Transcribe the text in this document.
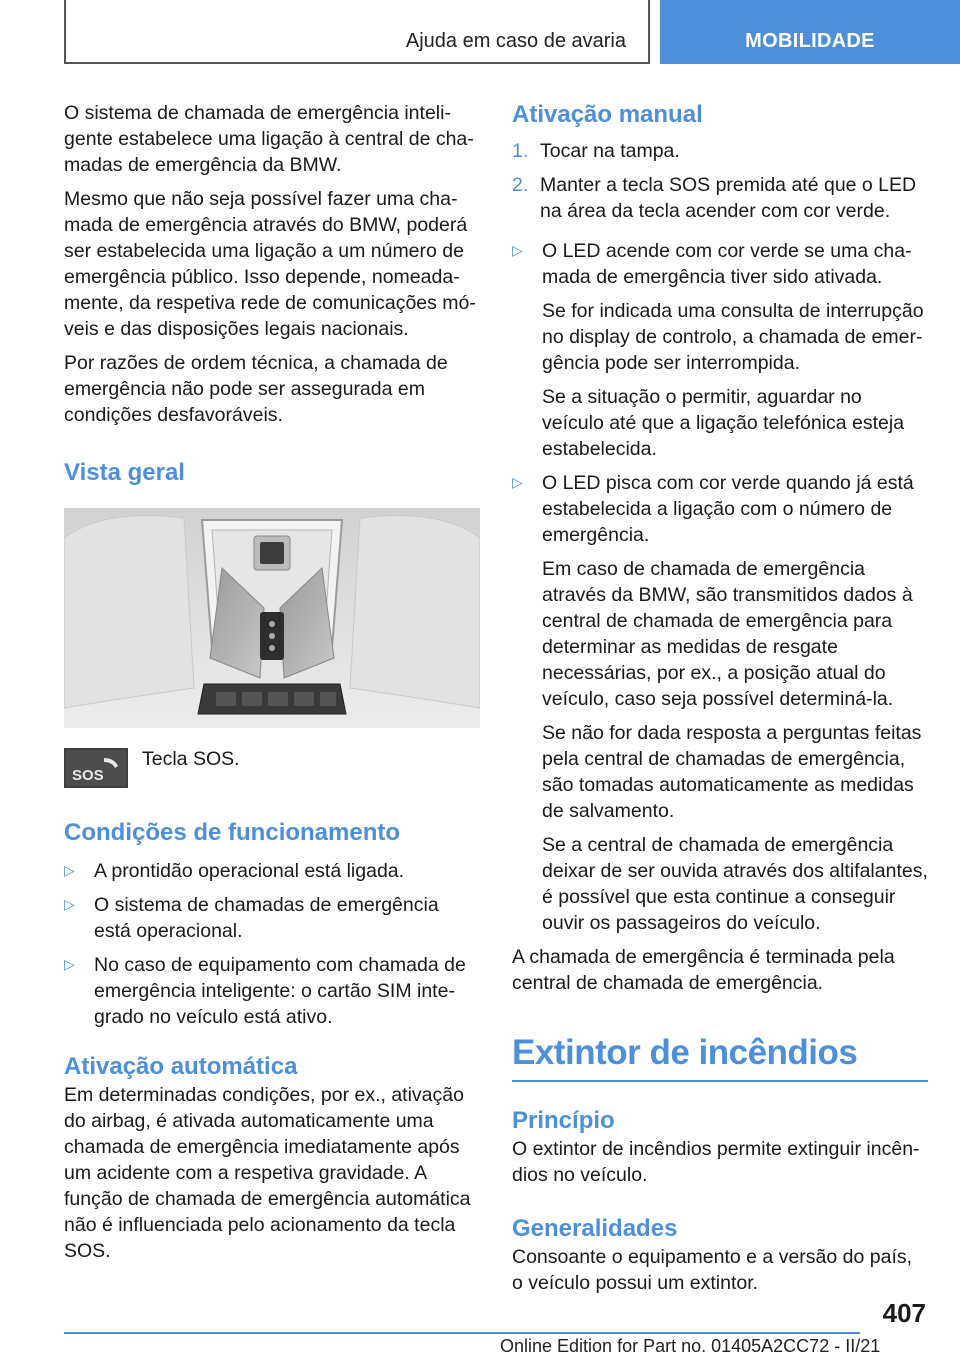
Ajuda em caso de avaria	MOBILIDADE

O sistema de chamada de emergência inteligente estabelece uma ligação à central de chamadas de emergência da BMW.

Mesmo que não seja possível fazer uma chamada de emergência através do BMW, poderá ser estabelecida uma ligação a um número de emergência público. Isso depende, nomeadamente, da respetiva rede de comunicações móveis e das disposições legais nacionais.

Por razões de ordem técnica, a chamada de emergência não pode ser assegurada em condições desfavoráveis.

Vista geral
SOS
Tecla SOS.
Condições de funcionamento
▷ A prontidão operacional está ligada.
▷ O sistema de chamadas de emergência está operacional.
▷ No caso de equipamento com chamada de emergência inteligente: o cartão SIM integrado no veículo está ativo.
Ativação automática

Em determinadas condições, por ex., ativação do airbag, é ativada automaticamente uma chamada de emergência imediatamente após um acidente com a respetiva gravidade. A função de chamada de emergência automática não é influenciada pelo acionamento da tecla SOS.

Ativação manual
1. Tocar na tampa.
2. Manter a tecla SOS premida até que o LED na área da tecla acender com cor verde.
▷ O LED acende com cor verde se uma chamada de emergência tiver sido ativada.

Se for indicada uma consulta de interrupção no display de controlo, a chamada de emergência pode ser interrompida.

Se a situação o permitir, aguardar no veículo até que a ligação telefónica esteja estabelecida.

▷ O LED pisca com cor verde quando já está estabelecida a ligação com o número de emergência.

Em caso de chamada de emergência através da BMW, são transmitidos dados à central de chamada de emergência para determinar as medidas de resgate necessárias, por ex., a posição atual do veículo, caso seja possível determiná-la.

Se não for dada resposta a perguntas feitas pela central de chamadas de emergência, são tomadas automaticamente as medidas de salvamento.

Se a central de chamada de emergência deixar de ser ouvida através dos altifalantes, é possível que esta continue a conseguir ouvir os passageiros do veículo.

A chamada de emergência é terminada pela central de chamada de emergência.

Extintor de incêndios
Princípio

O extintor de incêndios permite extinguir incêndios no veículo.

Generalidades

Consoante o equipamento e a versão do país, o veículo possui um extintor.

407
Online Edition for Part no. 01405A2CC72 - II/21
